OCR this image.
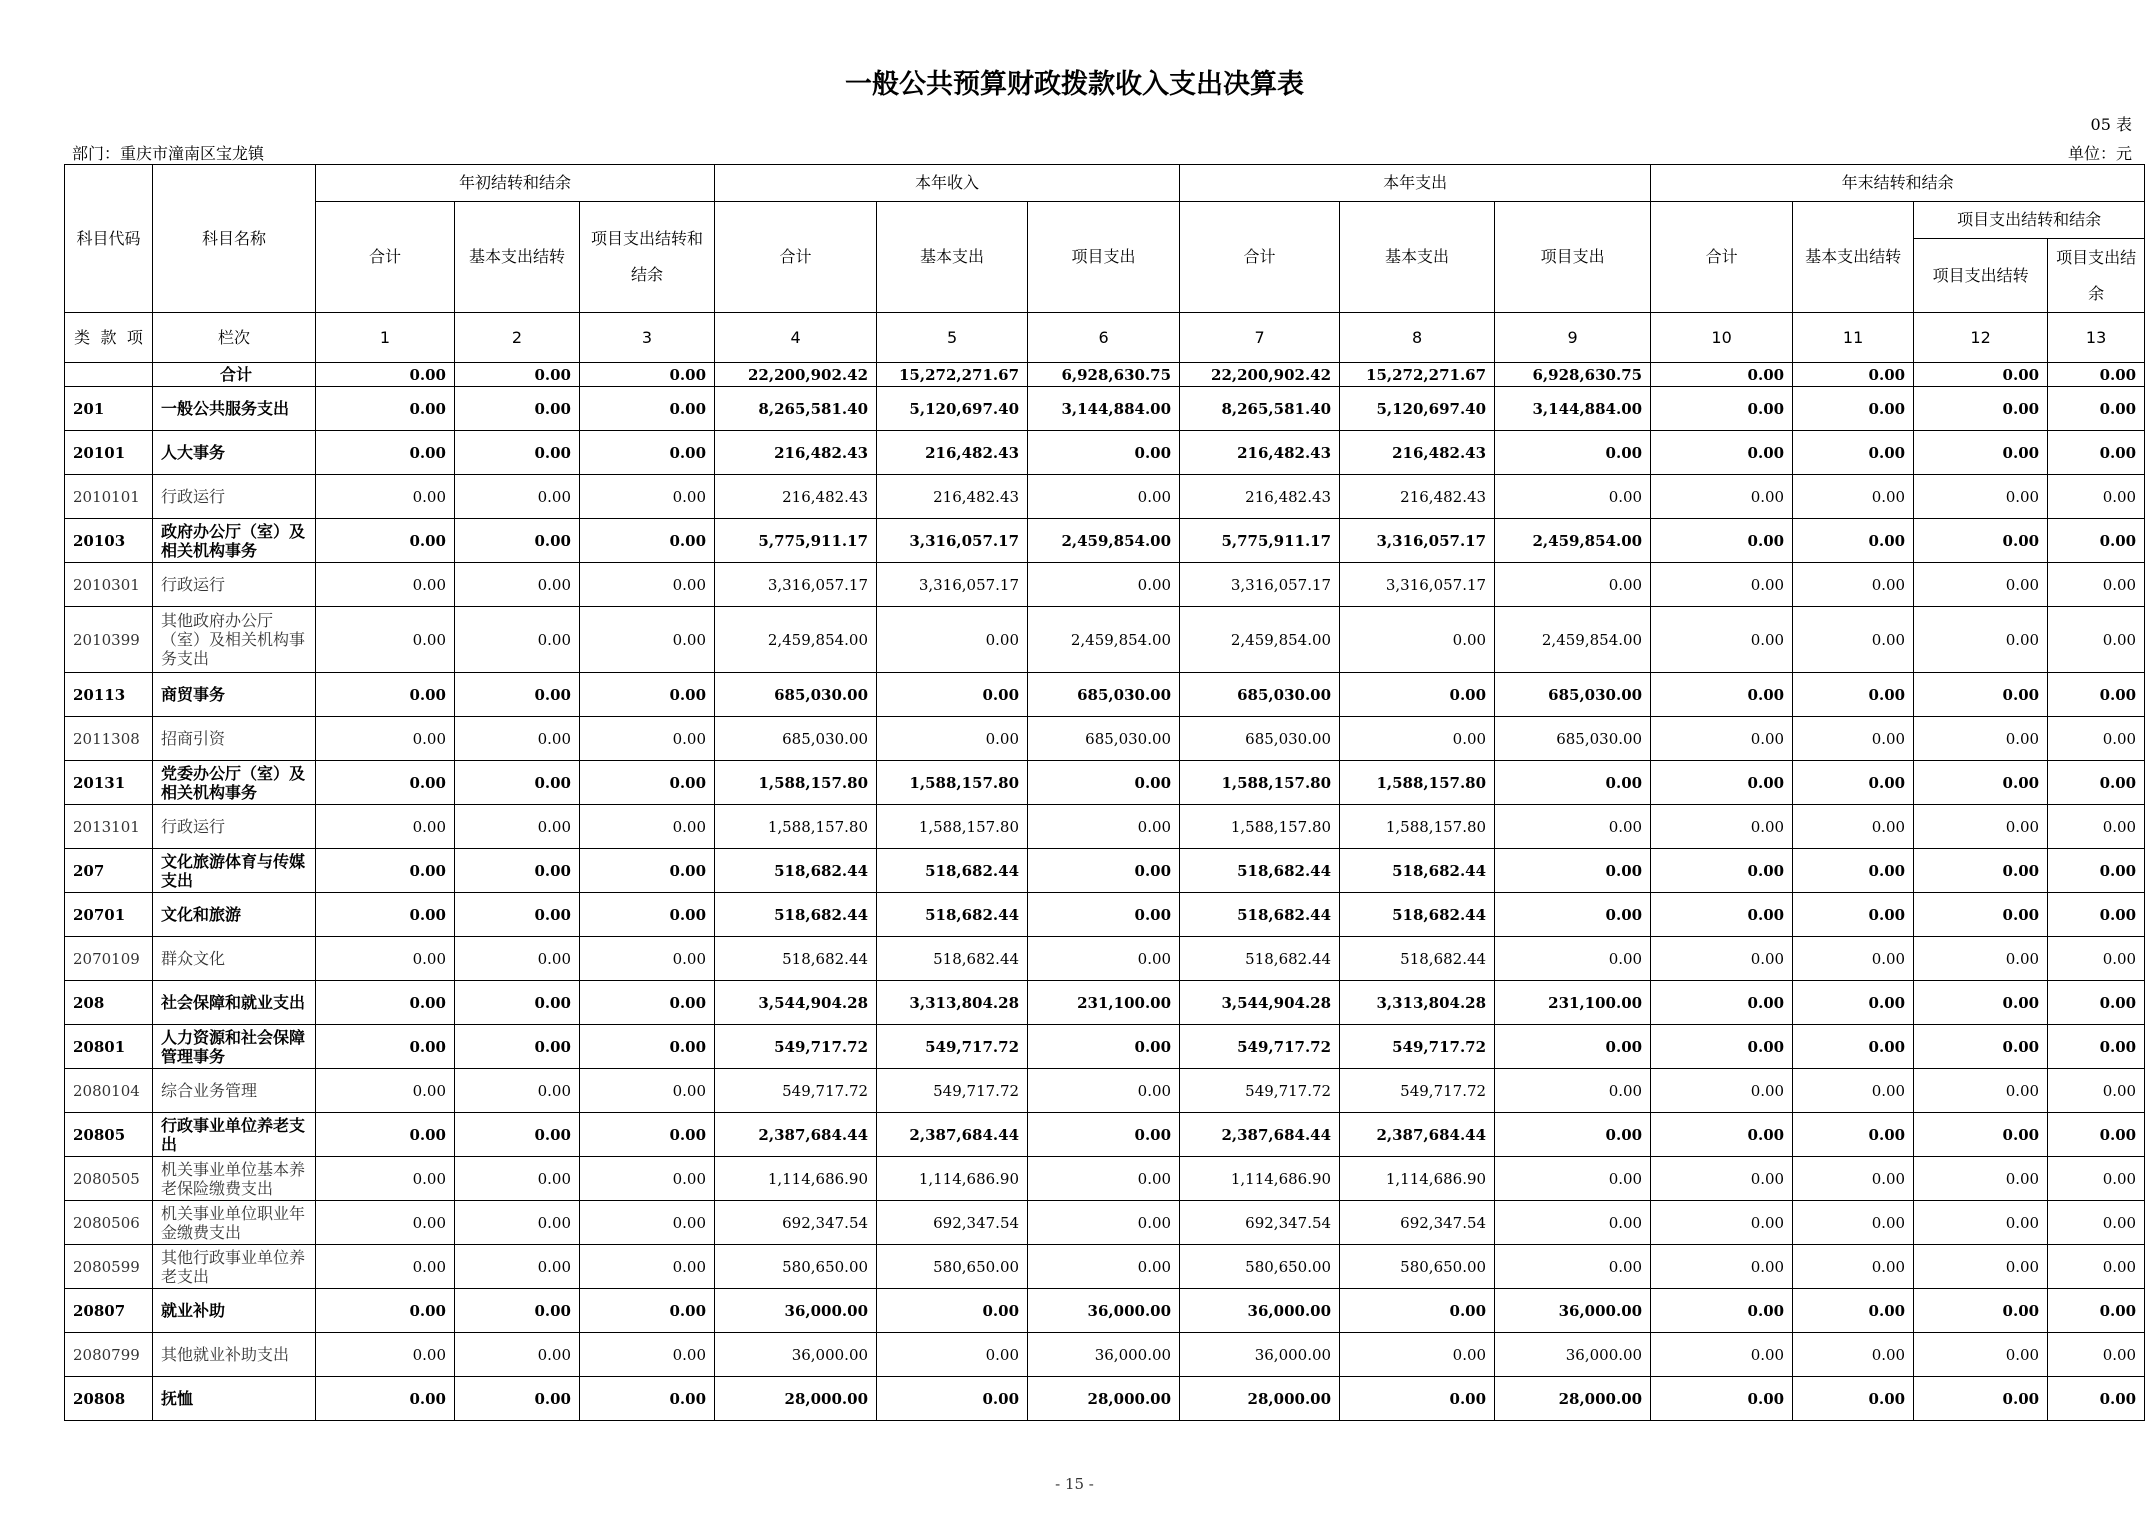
一般公共预算财政拨款收入支出决算表
05 表
部门：重庆市潼南区宝龙镇	单位：元
科目代码	科目名称	年初结转和结余			本年收入			本年支出			年末结转和结余			
		合计	基本支出结转	项目支出结转和结余	合计	基本支出	项目支出	合计	基本支出	项目支出	合计	基本支出结转	项目支出结转和结余	
													项目支出结转	项目支出结余

类 款 项	栏次	1	2	3	4	5	6	7	8	9	10	11	12	13
	合计	0.00	0.00	0.00	22,200,902.42	15,272,271.67	6,928,630.75	22,200,902.42	15,272,271.67	6,928,630.75	0.00	0.00	0.00	0.00
201	一般公共服务支出	0.00	0.00	0.00	8,265,581.40	5,120,697.40	3,144,884.00	8,265,581.40	5,120,697.40	3,144,884.00	0.00	0.00	0.00	0.00
20101	人大事务	0.00	0.00	0.00	216,482.43	216,482.43	0.00	216,482.43	216,482.43	0.00	0.00	0.00	0.00	0.00
2010101	行政运行	0.00	0.00	0.00	216,482.43	216,482.43	0.00	216,482.43	216,482.43	0.00	0.00	0.00	0.00	0.00
20103	政府办公厅（室）及相关机构事务	0.00	0.00	0.00	5,775,911.17	3,316,057.17	2,459,854.00	5,775,911.17	3,316,057.17	2,459,854.00	0.00	0.00	0.00	0.00
2010301	行政运行	0.00	0.00	0.00	3,316,057.17	3,316,057.17	0.00	3,316,057.17	3,316,057.17	0.00	0.00	0.00	0.00	0.00
2010399	其他政府办公厅（室）及相关机构事务支出	0.00	0.00	0.00	2,459,854.00	0.00	2,459,854.00	2,459,854.00	0.00	2,459,854.00	0.00	0.00	0.00	0.00
20113	商贸事务	0.00	0.00	0.00	685,030.00	0.00	685,030.00	685,030.00	0.00	685,030.00	0.00	0.00	0.00	0.00
2011308	招商引资	0.00	0.00	0.00	685,030.00	0.00	685,030.00	685,030.00	0.00	685,030.00	0.00	0.00	0.00	0.00
20131	党委办公厅（室）及相关机构事务	0.00	0.00	0.00	1,588,157.80	1,588,157.80	0.00	1,588,157.80	1,588,157.80	0.00	0.00	0.00	0.00	0.00
2013101	行政运行	0.00	0.00	0.00	1,588,157.80	1,588,157.80	0.00	1,588,157.80	1,588,157.80	0.00	0.00	0.00	0.00	0.00
207	文化旅游体育与传媒支出	0.00	0.00	0.00	518,682.44	518,682.44	0.00	518,682.44	518,682.44	0.00	0.00	0.00	0.00	0.00
20701	文化和旅游	0.00	0.00	0.00	518,682.44	518,682.44	0.00	518,682.44	518,682.44	0.00	0.00	0.00	0.00	0.00
2070109	群众文化	0.00	0.00	0.00	518,682.44	518,682.44	0.00	518,682.44	518,682.44	0.00	0.00	0.00	0.00	0.00
208	社会保障和就业支出	0.00	0.00	0.00	3,544,904.28	3,313,804.28	231,100.00	3,544,904.28	3,313,804.28	231,100.00	0.00	0.00	0.00	0.00
20801	人力资源和社会保障管理事务	0.00	0.00	0.00	549,717.72	549,717.72	0.00	549,717.72	549,717.72	0.00	0.00	0.00	0.00	0.00
2080104	综合业务管理	0.00	0.00	0.00	549,717.72	549,717.72	0.00	549,717.72	549,717.72	0.00	0.00	0.00	0.00	0.00
20805	行政事业单位养老支出	0.00	0.00	0.00	2,387,684.44	2,387,684.44	0.00	2,387,684.44	2,387,684.44	0.00	0.00	0.00	0.00	0.00
2080505	机关事业单位基本养老保险缴费支出	0.00	0.00	0.00	1,114,686.90	1,114,686.90	0.00	1,114,686.90	1,114,686.90	0.00	0.00	0.00	0.00	0.00
2080506	机关事业单位职业年金缴费支出	0.00	0.00	0.00	692,347.54	692,347.54	0.00	692,347.54	692,347.54	0.00	0.00	0.00	0.00	0.00
2080599	其他行政事业单位养老支出	0.00	0.00	0.00	580,650.00	580,650.00	0.00	580,650.00	580,650.00	0.00	0.00	0.00	0.00	0.00
20807	就业补助	0.00	0.00	0.00	36,000.00	0.00	36,000.00	36,000.00	0.00	36,000.00	0.00	0.00	0.00	0.00
2080799	其他就业补助支出	0.00	0.00	0.00	36,000.00	0.00	36,000.00	36,000.00	0.00	36,000.00	0.00	0.00	0.00	0.00
20808	抚恤	0.00	0.00	0.00	28,000.00	0.00	28,000.00	28,000.00	0.00	28,000.00	0.00	0.00	0.00	0.00
- 15 -
